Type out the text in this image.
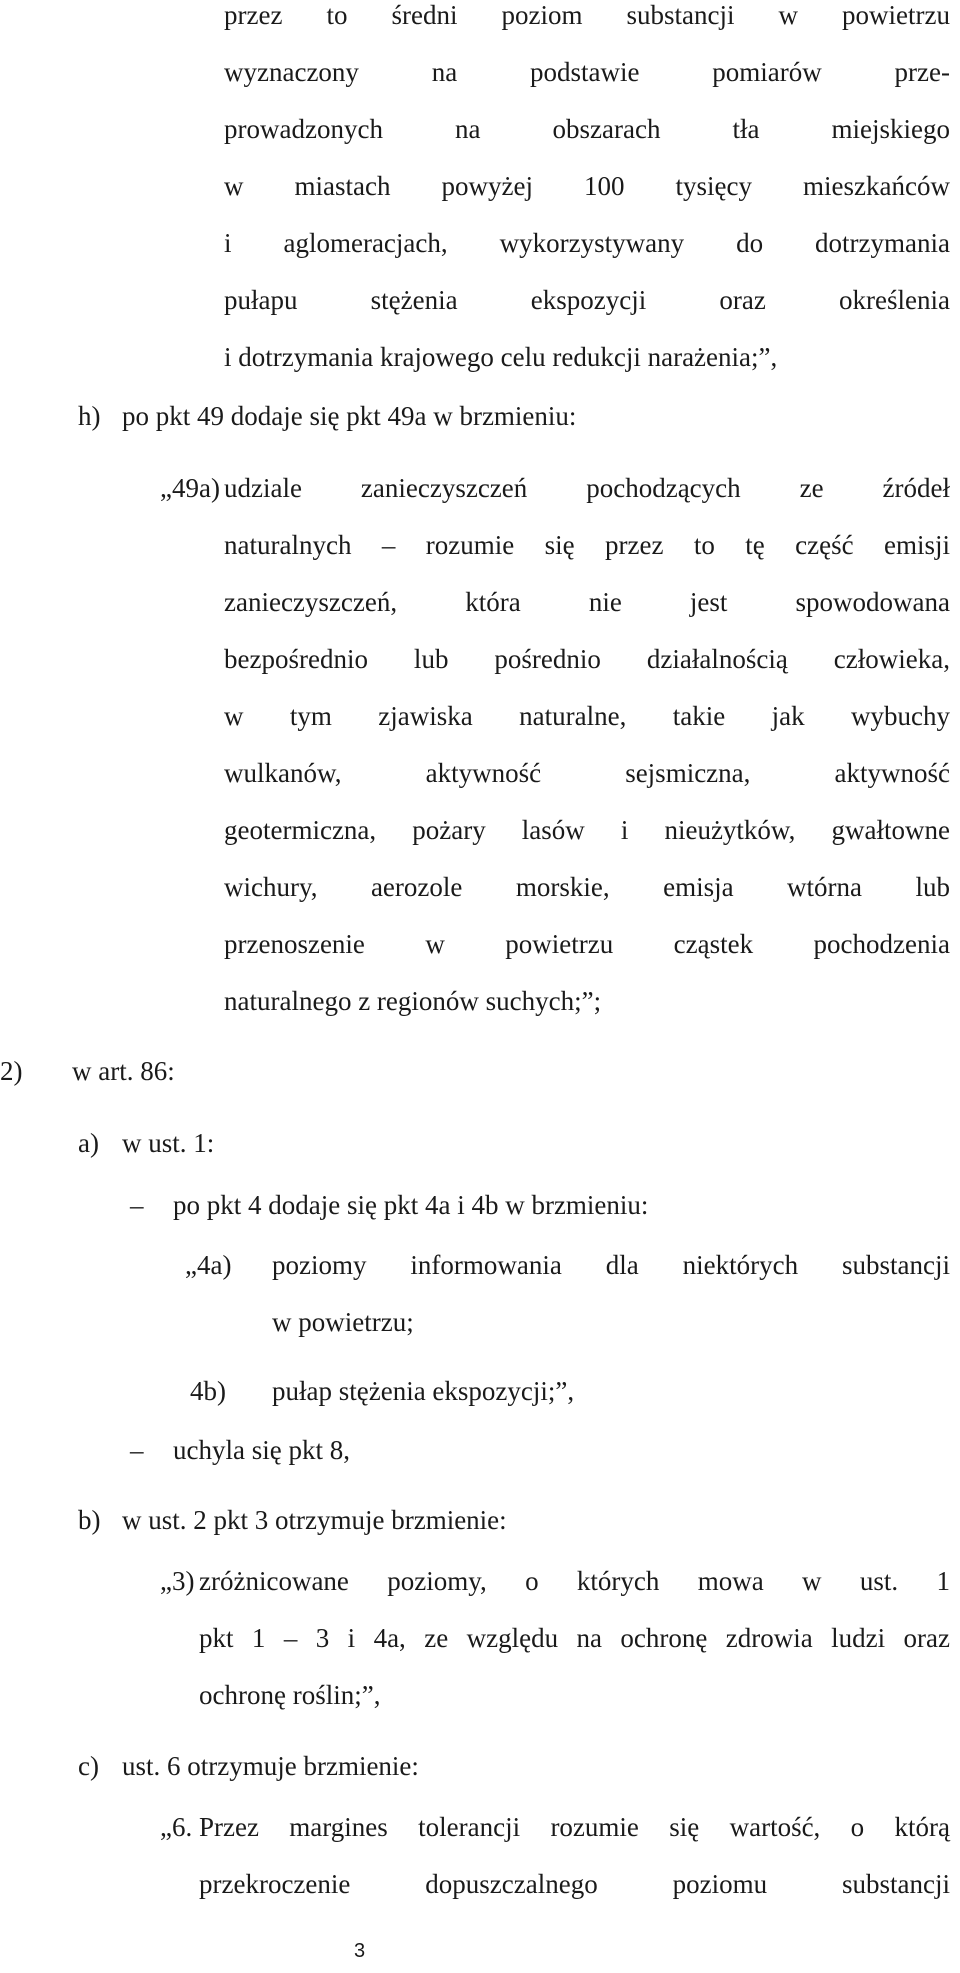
przez to średni poziom substancji w powietrzu
wyznaczony na podstawie pomiarów prze-
prowadzonych na obszarach tła miejskiego
w miastach powyżej 100 tysięcy mieszkańców
i aglomeracjach, wykorzystywany do dotrzymania
pułapu stężenia ekspozycji oraz określenia
i dotrzymania krajowego celu redukcji narażenia;”,
h) po pkt 49 dodaje się pkt 49a w brzmieniu:
„49a) udziale zanieczyszczeń pochodzących ze źródeł
naturalnych – rozumie się przez to tę część emisji
zanieczyszczeń, która nie jest spowodowana
bezpośrednio lub pośrednio działalnością człowieka,
w tym zjawiska naturalne, takie jak wybuchy
wulkanów, aktywność sejsmiczna, aktywność
geotermiczna, pożary lasów i nieużytków, gwałtowne
wichury, aerozole morskie, emisja wtórna lub
przenoszenie w powietrzu cząstek pochodzenia
naturalnego z regionów suchych;”;
2) w art. 86:
a) w ust. 1:
– po pkt 4 dodaje się pkt 4a i 4b w brzmieniu:
„4a) poziomy informowania dla niektórych substancji
w powietrzu;
4b) pułap stężenia ekspozycji;”,
– uchyla się pkt 8,
b) w ust. 2 pkt 3 otrzymuje brzmienie:
„3) zróżnicowane poziomy, o których mowa w ust. 1
pkt 1 – 3 i 4a, ze względu na ochronę zdrowia ludzi oraz
ochronę roślin;”,
c) ust. 6 otrzymuje brzmienie:
„6. Przez margines tolerancji rozumie się wartość, o którą
przekroczenie dopuszczalnego poziomu substancji
3
